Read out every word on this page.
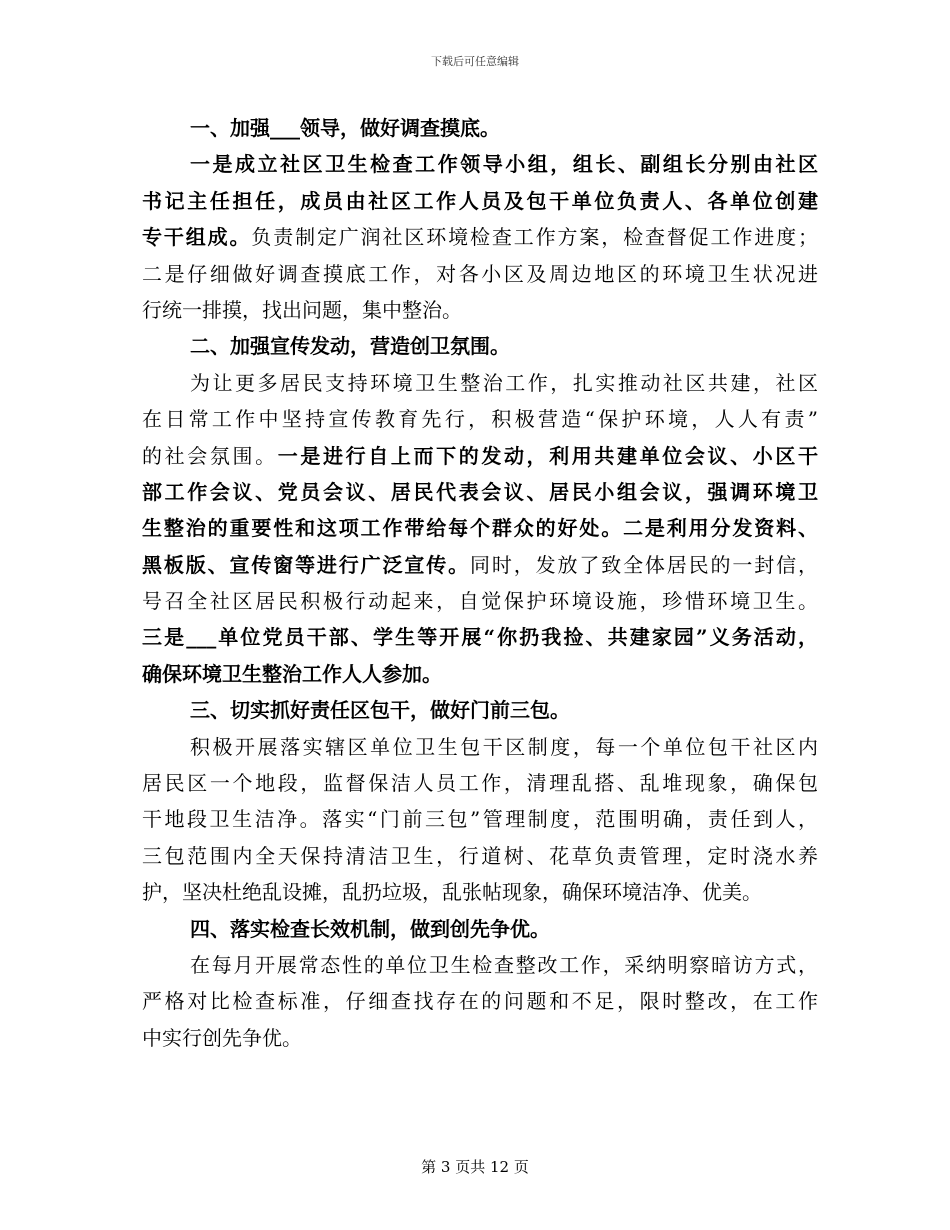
下载后可任意编辑
一、加强___领导，做好调查摸底。
一是成立社区卫生检查工作领导小组，组长、副组长分别由社区
书记主任担任，成员由社区工作人员及包干单位负责人、各单位创建
专干组成。负责制定广润社区环境检查工作方案，检查督促工作进度；
二是仔细做好调查摸底工作，对各小区及周边地区的环境卫生状况进
行统一排摸，找出问题，集中整治。
二、加强宣传发动，营造创卫氛围。
为让更多居民支持环境卫生整治工作，扎实推动社区共建，社区
在日常工作中坚持宣传教育先行，积极营造“保护环境，人人有责”
的社会氛围。一是进行自上而下的发动，利用共建单位会议、小区干
部工作会议、党员会议、居民代表会议、居民小组会议，强调环境卫
生整治的重要性和这项工作带给每个群众的好处。二是利用分发资料、
黑板版、宣传窗等进行广泛宣传。同时，发放了致全体居民的一封信，
号召全社区居民积极行动起来，自觉保护环境设施，珍惜环境卫生。
三是___单位党员干部、学生等开展“你扔我捡、共建家园”义务活动，
确保环境卫生整治工作人人参加。
三、切实抓好责任区包干，做好门前三包。
积极开展落实辖区单位卫生包干区制度，每一个单位包干社区内
居民区一个地段，监督保洁人员工作，清理乱搭、乱堆现象，确保包
干地段卫生洁净。落实“门前三包”管理制度，范围明确，责任到人，
三包范围内全天保持清洁卫生，行道树、花草负责管理，定时浇水养
护，坚决杜绝乱设摊，乱扔垃圾，乱张帖现象，确保环境洁净、优美。
四、落实检查长效机制，做到创先争优。
在每月开展常态性的单位卫生检查整改工作，采纳明察暗访方式，
严格对比检查标准，仔细查找存在的问题和不足，限时整改，在工作
中实行创先争优。
第 3 页共 12 页
